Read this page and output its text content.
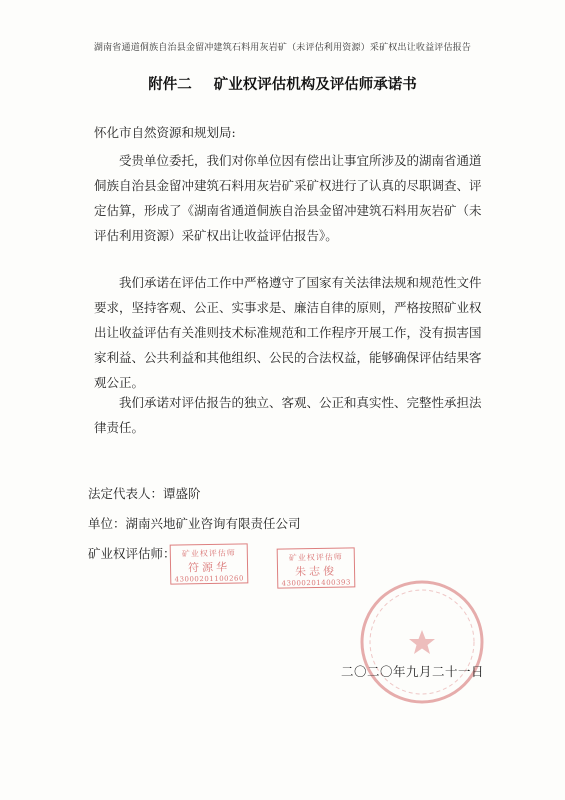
湖南省通道侗族自治县金留冲建筑石料用灰岩矿（未评估利用资源）采矿权出让收益评估报告
附件二 矿业权评估机构及评估师承诺书
怀化市自然资源和规划局:
受贵单位委托，我们对你单位因有偿出让事宜所涉及的湖南省通道侗族自治县金留冲建筑石料用灰岩矿采矿权进行了认真的尽职调查、评定估算，形成了《湖南省通道侗族自治县金留冲建筑石料用灰岩矿（未评估利用资源）采矿权出让收益评估报告》。
我们承诺在评估工作中严格遵守了国家有关法律法规和规范性文件要求，坚持客观、公正、实事求是、廉洁自律的原则，严格按照矿业权出让收益评估有关准则技术标准规范和工作程序开展工作，没有损害国家利益、公共利益和其他组织、公民的合法权益，能够确保评估结果客观公正。
我们承诺对评估报告的独立、客观、公正和真实性、完整性承担法律责任。
法定代表人：谭盛阶
单位：湖南兴地矿业咨询有限责任公司
矿业权评估师： 矿业权评估师
符源华
43000201100260
矿业权评估师
朱志俊
43000201400393
二〇二〇年九月二十一日
